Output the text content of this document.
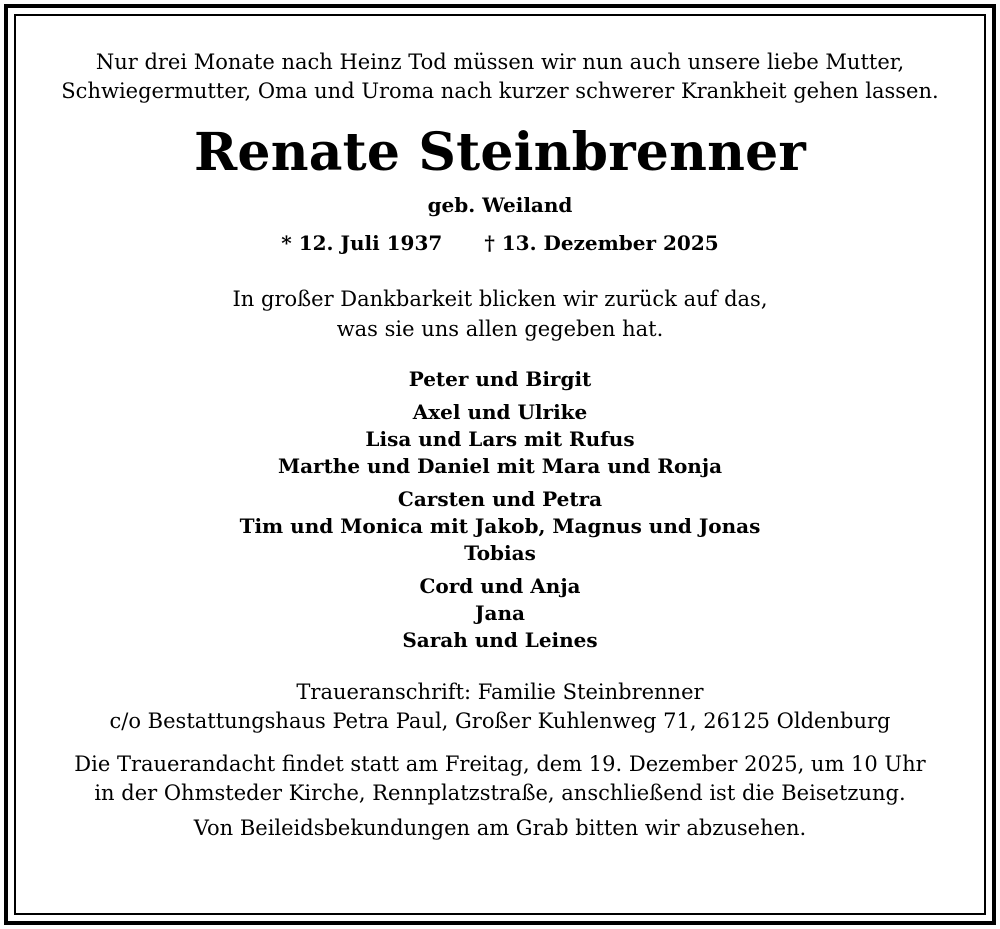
Nur drei Monate nach Heinz Tod müssen wir nun auch unsere liebe Mutter,
Schwiegermutter, Oma und Uroma nach kurzer schwerer Krankheit gehen lassen.
Renate Steinbrenner
geb. Weiland
* 12. Juli 1937 † 13. Dezember 2025
In großer Dankbarkeit blicken wir zurück auf das,
was sie uns allen gegeben hat.
Peter und Birgit
Axel und Ulrike
Lisa und Lars mit Rufus
Marthe und Daniel mit Mara und Ronja
Carsten und Petra
Tim und Monica mit Jakob, Magnus und Jonas
Tobias
Cord und Anja
Jana
Sarah und Leines
Traueranschrift: Familie Steinbrenner
c/o Bestattungshaus Petra Paul, Großer Kuhlenweg 71, 26125 Oldenburg
Die Trauerandacht findet statt am Freitag, dem 19. Dezember 2025, um 10 Uhr
in der Ohmsteder Kirche, Rennplatzstraße, anschließend ist die Beisetzung.
Von Beileidsbekundungen am Grab bitten wir abzusehen.
